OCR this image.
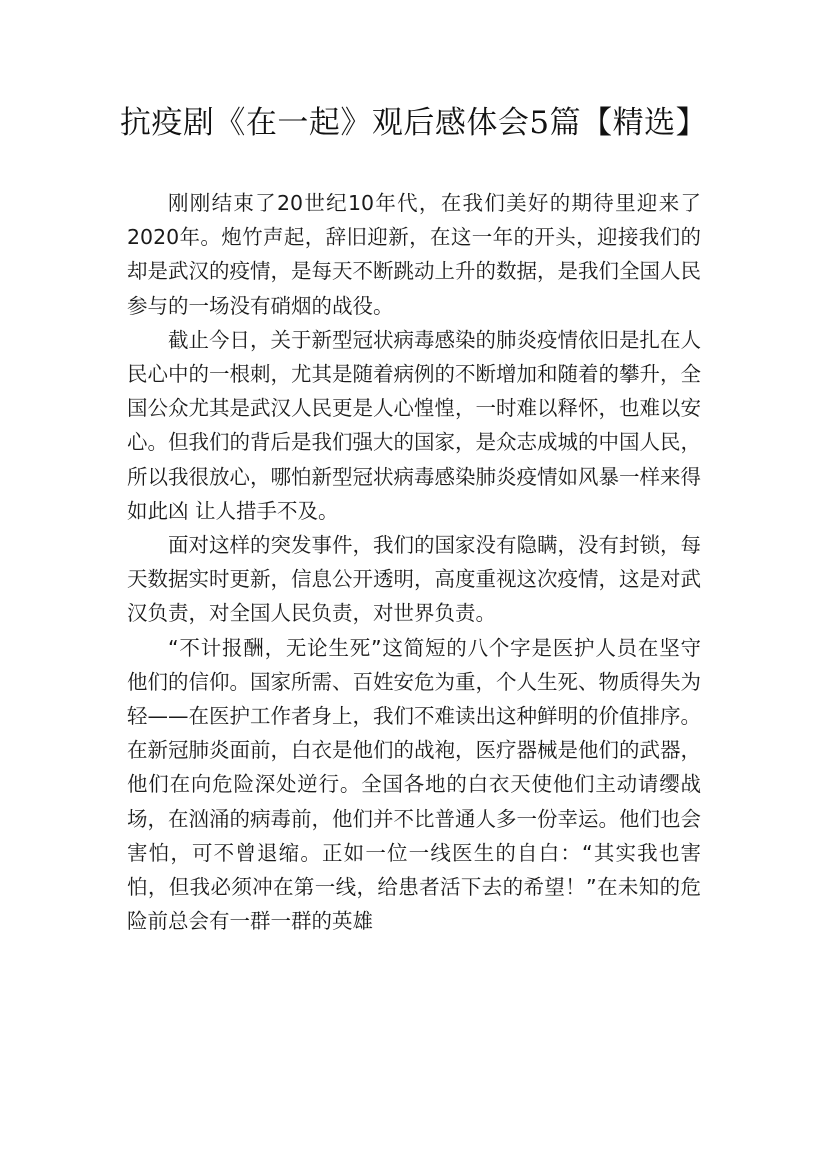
抗疫剧《在一起》观后感体会5篇【精选】

刚刚结束了20世纪10年代，在我们美好的期待里迎来了2020年。炮竹声起，辞旧迎新，在这一年的开头，迎接我们的却是武汉的疫情，是每天不断跳动上升的数据，是我们全国人民参与的一场没有硝烟的战役。

截止今日，关于新型冠状病毒感染的肺炎疫情依旧是扎在人民心中的一根刺，尤其是随着病例的不断增加和随着的攀升，全国公众尤其是武汉人民更是人心惶惶，一时难以释怀，也难以安心。但我们的背后是我们强大的国家，是众志成城的中国人民，所以我很放心，哪怕新型冠状病毒感染肺炎疫情如风暴一样来得如此凶 让人措手不及。

面对这样的突发事件，我们的国家没有隐瞒，没有封锁，每天数据实时更新，信息公开透明，高度重视这次疫情，这是对武汉负责，对全国人民负责，对世界负责。

“不计报酬，无论生死”这简短的八个字是医护人员在坚守他们的信仰。国家所需、百姓安危为重，个人生死、物质得失为轻——在医护工作者身上，我们不难读出这种鲜明的价值排序。在新冠肺炎面前，白衣是他们的战袍，医疗器械是他们的武器，他们在向危险深处逆行。全国各地的白衣天使他们主动请缨战场，在汹涌的病毒前，他们并不比普通人多一份幸运。他们也会害怕，可不曾退缩。正如一位一线医生的自白：“其实我也害怕，但我必须冲在第一线，给患者活下去的希望！”在未知的危险前总会有一群一群的英雄
